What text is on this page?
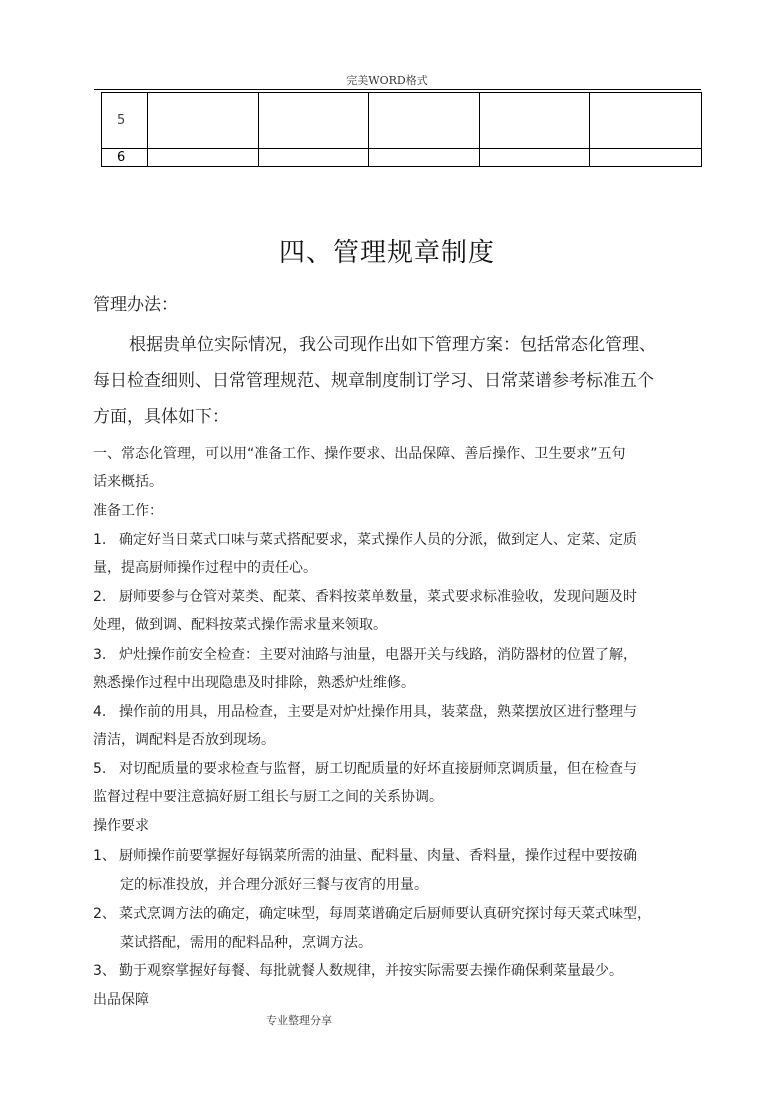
完美WORD格式
5					
6					
四、管理规章制度
管理办法：
根据贵单位实际情况，我公司现作出如下管理方案：包括常态化管理、
每日检查细则、日常管理规范、规章制度制订学习、日常菜谱参考标准五个
方面，具体如下：
一、常态化管理，可以用“准备工作、操作要求、出品保障、善后操作、卫生要求”五句
话来概括。
准备工作：
1. 确定好当日菜式口味与菜式搭配要求，菜式操作人员的分派，做到定人、定菜、定质
量，提高厨师操作过程中的责任心。
2. 厨师要参与仓管对菜类、配菜、香料按菜单数量，菜式要求标准验收，发现问题及时
处理，做到调、配料按菜式操作需求量来领取。
3. 炉灶操作前安全检查：主要对油路与油量，电器开关与线路，消防器材的位置了解，
熟悉操作过程中出现隐患及时排除，熟悉炉灶维修。
4. 操作前的用具，用品检查，主要是对炉灶操作用具，装菜盘，熟菜摆放区进行整理与
清洁，调配料是否放到现场。
5. 对切配质量的要求检查与监督，厨工切配质量的好坏直接厨师烹调质量，但在检查与
监督过程中要注意搞好厨工组长与厨工之间的关系协调。
操作要求
1、 厨师操作前要掌握好每锅菜所需的油量、配料量、肉量、香料量，操作过程中要按确
定的标准投放，并合理分派好三餐与夜宵的用量。
2、 菜式烹调方法的确定，确定味型，每周菜谱确定后厨师要认真研究探讨每天菜式味型，
菜试搭配，需用的配料品种，烹调方法。
3、 勤于观察掌握好每餐、每批就餐人数规律，并按实际需要去操作确保剩菜量最少。
出品保障
专业整理分享
